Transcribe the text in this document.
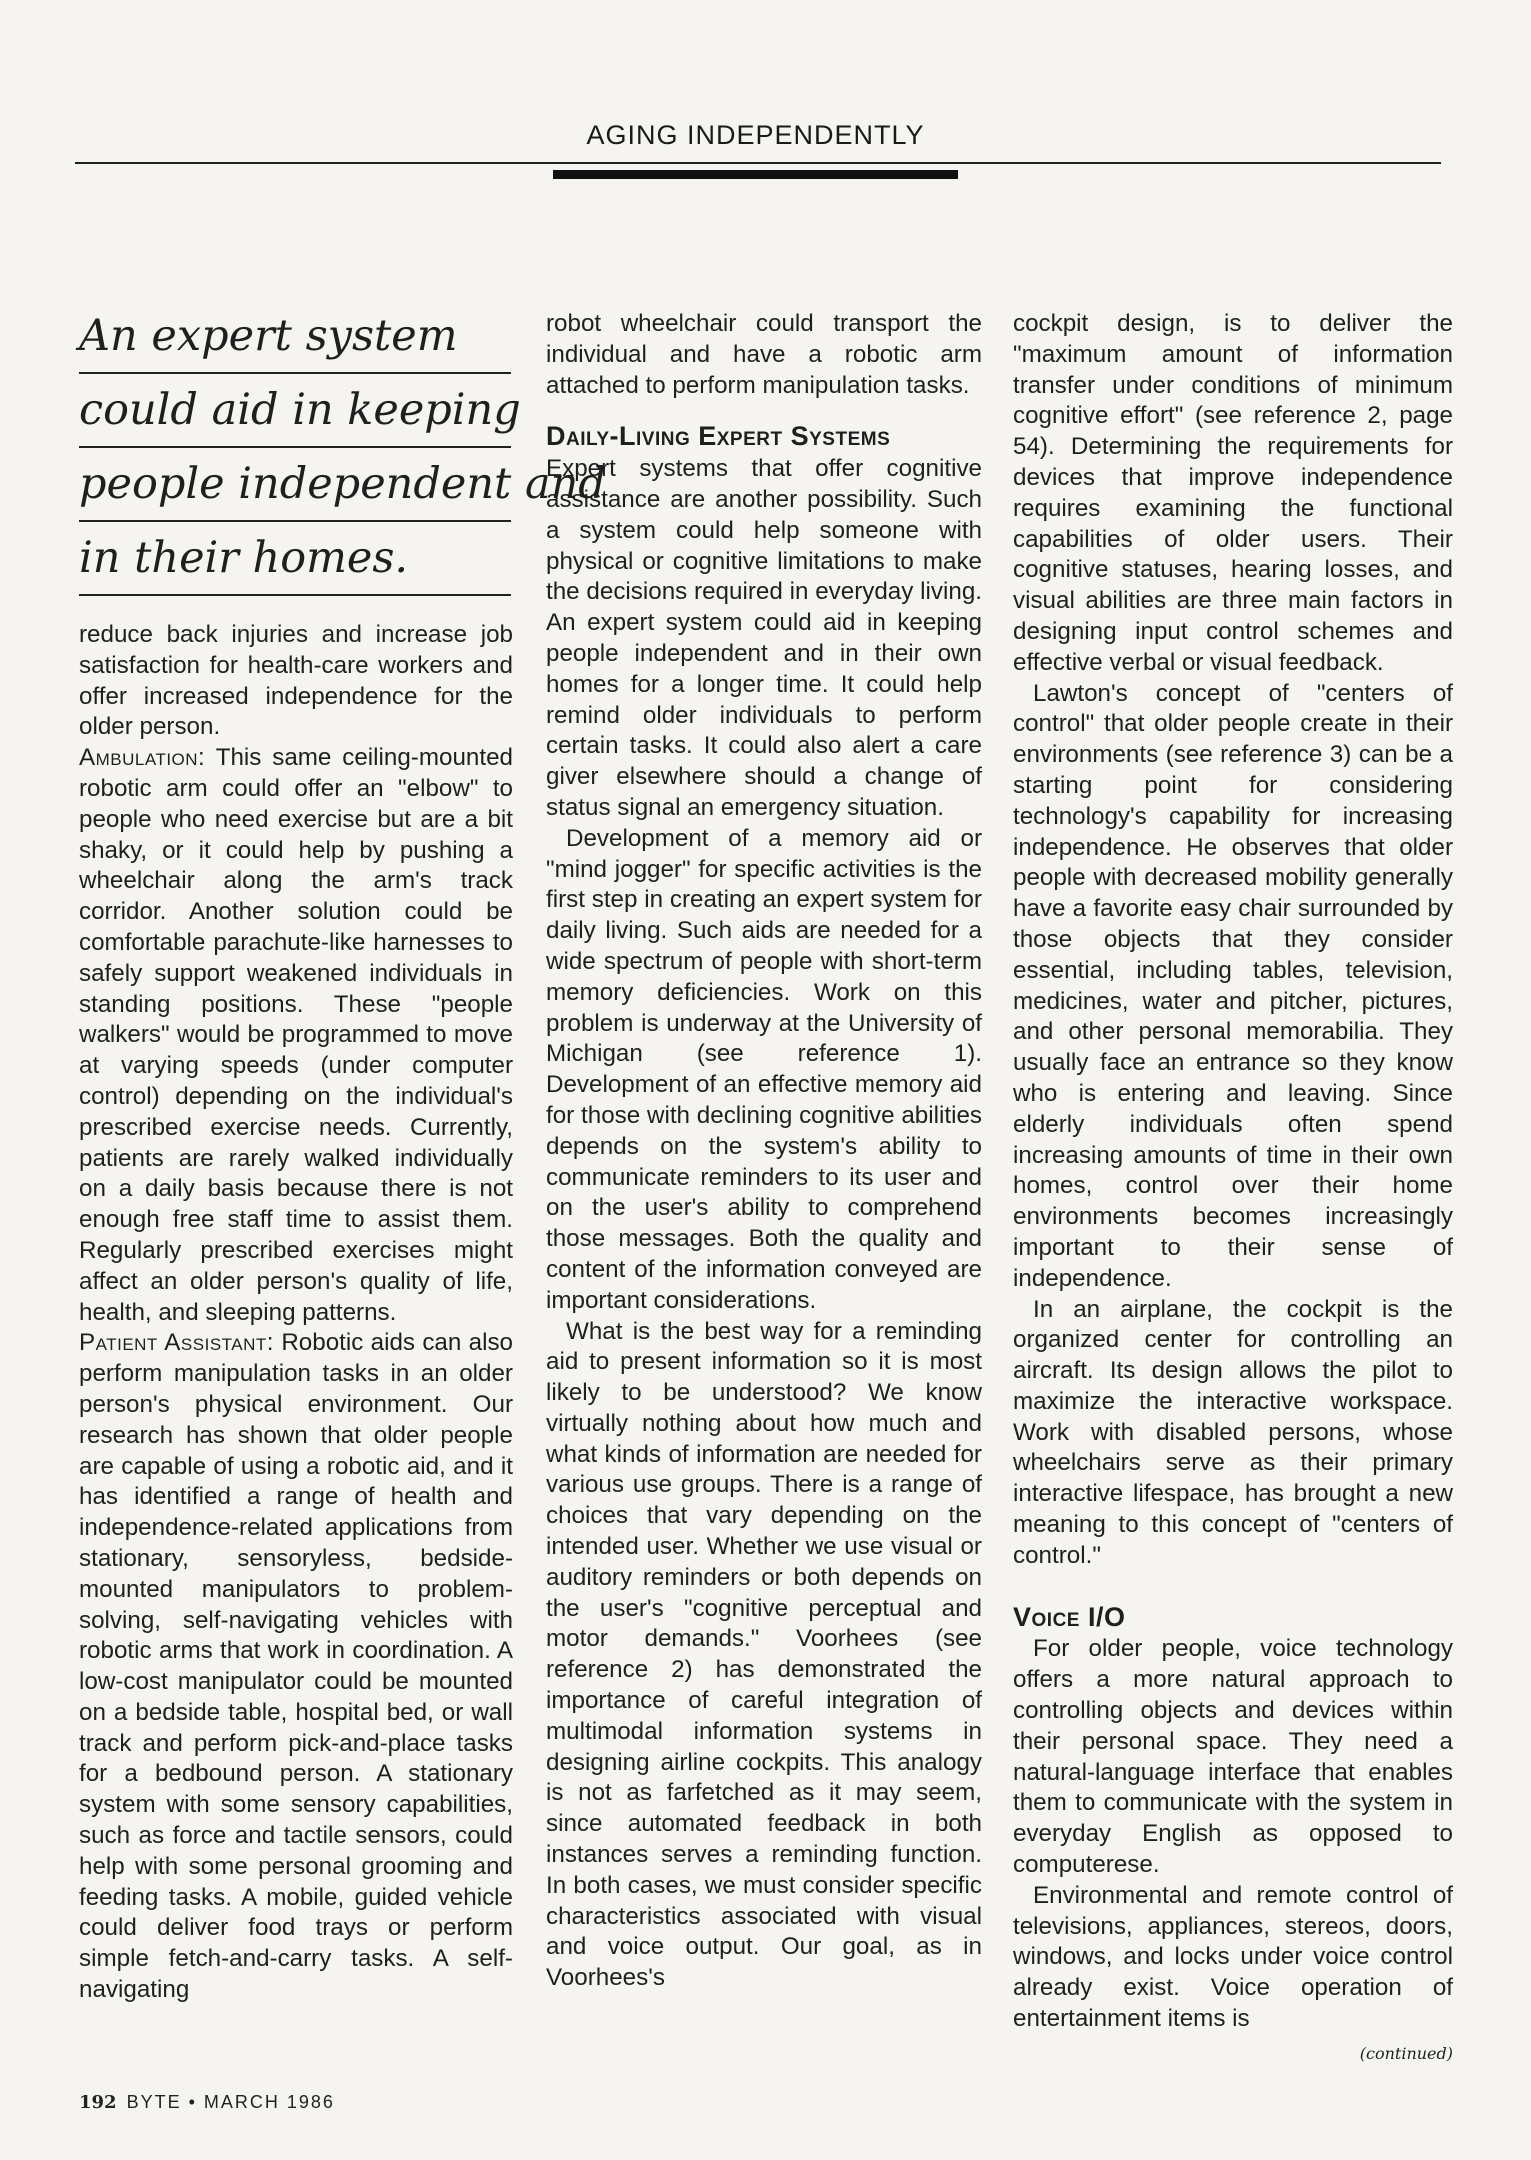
AGING INDEPENDENTLY
An expert system
could aid in keeping
people independent and
in their homes.

reduce back injuries and increase job satisfaction for health-care workers and offer increased independence for the older person.

Ambulation: This same ceiling-mounted robotic arm could offer an "elbow" to people who need exercise but are a bit shaky, or it could help by pushing a wheelchair along the arm's track corridor. Another solution could be comfortable parachute-like harnesses to safely support weakened individuals in standing positions. These "people walkers" would be programmed to move at varying speeds (under computer control) depending on the individual's prescribed exercise needs. Currently, patients are rarely walked individually on a daily basis because there is not enough free staff time to assist them. Regularly prescribed exercises might affect an older person's quality of life, health, and sleeping patterns.

Patient Assistant: Robotic aids can also perform manipulation tasks in an older person's physical environment. Our research has shown that older people are capable of using a robotic aid, and it has identified a range of health and independence-related applications from stationary, sensoryless, bedside-mounted manipulators to problem-solving, self-navigating vehicles with robotic arms that work in coordination. A low-cost manipulator could be mounted on a bedside table, hospital bed, or wall track and perform pick-and-place tasks for a bedbound person. A stationary system with some sensory capabilities, such as force and tactile sensors, could help with some personal grooming and feeding tasks. A mobile, guided vehicle could deliver food trays or perform simple fetch-and-carry tasks. A self-navigating

robot wheelchair could transport the individual and have a robotic arm attached to perform manipulation tasks.

Daily-Living Expert Systems

Expert systems that offer cognitive assistance are another possibility. Such a system could help someone with physical or cognitive limitations to make the decisions required in everyday living. An expert system could aid in keeping people independent and in their own homes for a longer time. It could help remind older individuals to perform certain tasks. It could also alert a care giver elsewhere should a change of status signal an emergency situation.

Development of a memory aid or "mind jogger" for specific activities is the first step in creating an expert system for daily living. Such aids are needed for a wide spectrum of people with short-term memory deficiencies. Work on this problem is underway at the University of Michigan (see reference 1). Development of an effective memory aid for those with declining cognitive abilities depends on the system's ability to communicate reminders to its user and on the user's ability to comprehend those messages. Both the quality and content of the information conveyed are important considerations.

What is the best way for a reminding aid to present information so it is most likely to be understood? We know virtually nothing about how much and what kinds of information are needed for various use groups. There is a range of choices that vary depending on the intended user. Whether we use visual or auditory reminders or both depends on the user's "cognitive perceptual and motor demands." Voorhees (see reference 2) has demonstrated the importance of careful integration of multimodal information systems in designing airline cockpits. This analogy is not as farfetched as it may seem, since automated feedback in both instances serves a reminding function. In both cases, we must consider specific characteristics associated with visual and voice output. Our goal, as in Voorhees's

cockpit design, is to deliver the "maximum amount of information transfer under conditions of minimum cognitive effort" (see reference 2, page 54). Determining the requirements for devices that improve independence requires examining the functional capabilities of older users. Their cognitive statuses, hearing losses, and visual abilities are three main factors in designing input control schemes and effective verbal or visual feedback.

Lawton's concept of "centers of control" that older people create in their environments (see reference 3) can be a starting point for considering technology's capability for increasing independence. He observes that older people with decreased mobility generally have a favorite easy chair surrounded by those objects that they consider essential, including tables, television, medicines, water and pitcher, pictures, and other personal memorabilia. They usually face an entrance so they know who is entering and leaving. Since elderly individuals often spend increasing amounts of time in their own homes, control over their home environments becomes increasingly important to their sense of independence.

In an airplane, the cockpit is the organized center for controlling an aircraft. Its design allows the pilot to maximize the interactive workspace. Work with disabled persons, whose wheelchairs serve as their primary interactive lifespace, has brought a new meaning to this concept of "centers of control."

Voice I/O

For older people, voice technology offers a more natural approach to controlling objects and devices within their personal space. They need a natural-language interface that enables them to communicate with the system in everyday English as opposed to computerese.

Environmental and remote control of televisions, appliances, stereos, doors, windows, and locks under voice control already exist. Voice operation of entertainment items is

(continued)

192 BYTE • MARCH 1986
